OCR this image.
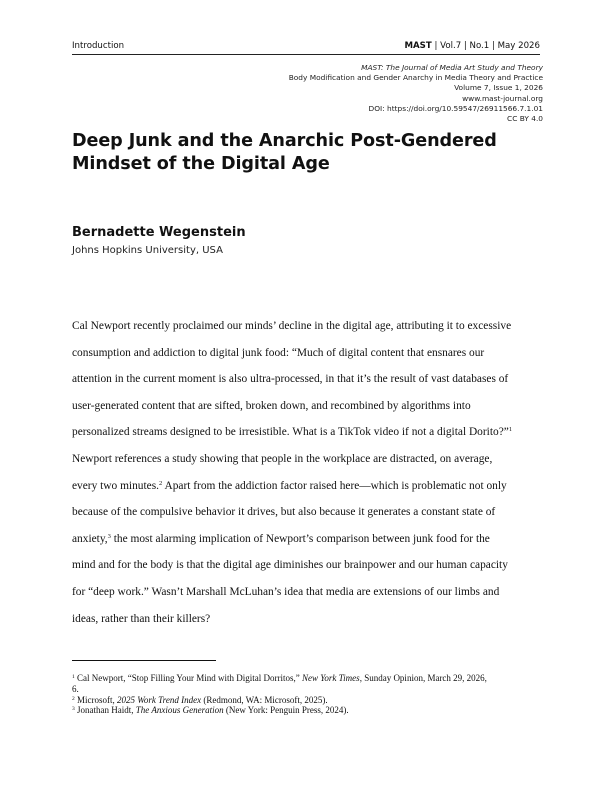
Introduction	MAST | Vol.7 | No.1 | May 2026
MAST: The Journal of Media Art Study and Theory
Body Modification and Gender Anarchy in Media Theory and Practice
Volume 7, Issue 1, 2026
www.mast-journal.org
DOI: https://doi.org/10.59547/26911566.7.1.01
CC BY 4.0
Deep Junk and the Anarchic Post-Gendered
Mindset of the Digital Age
Bernadette Wegenstein
Johns Hopkins University, USA

Cal Newport recently proclaimed our minds’ decline in the digital age, attributing it to excessive
consumption and addiction to digital junk food: “Much of digital content that ensnares our
attention in the current moment is also ultra-processed, in that it’s the result of vast databases of
user-generated content that are sifted, broken down, and recombined by algorithms into
personalized streams designed to be irresistible. What is a TikTok video if not a digital Dorito?”$^1$
Newport references a study showing that people in the workplace are distracted, on average,
every two minutes.$^2$ Apart from the addiction factor raised here—which is problematic not only
because of the compulsive behavior it drives, but also because it generates a constant state of
anxiety,$^3$ the most alarming implication of Newport’s comparison between junk food for the
mind and for the body is that the digital age diminishes our brainpower and our human capacity
for “deep work.” Wasn’t Marshall McLuhan’s idea that media are extensions of our limbs and
ideas, rather than their killers?

$^1$ Cal Newport, “Stop Filling Your Mind with Digital Dorritos,” New York Times, Sunday Opinion, March 29, 2026,
6.
$^2$ Microsoft, 2025 Work Trend Index (Redmond, WA: Microsoft, 2025).
$^3$ Jonathan Haidt, The Anxious Generation (New York: Penguin Press, 2024).
